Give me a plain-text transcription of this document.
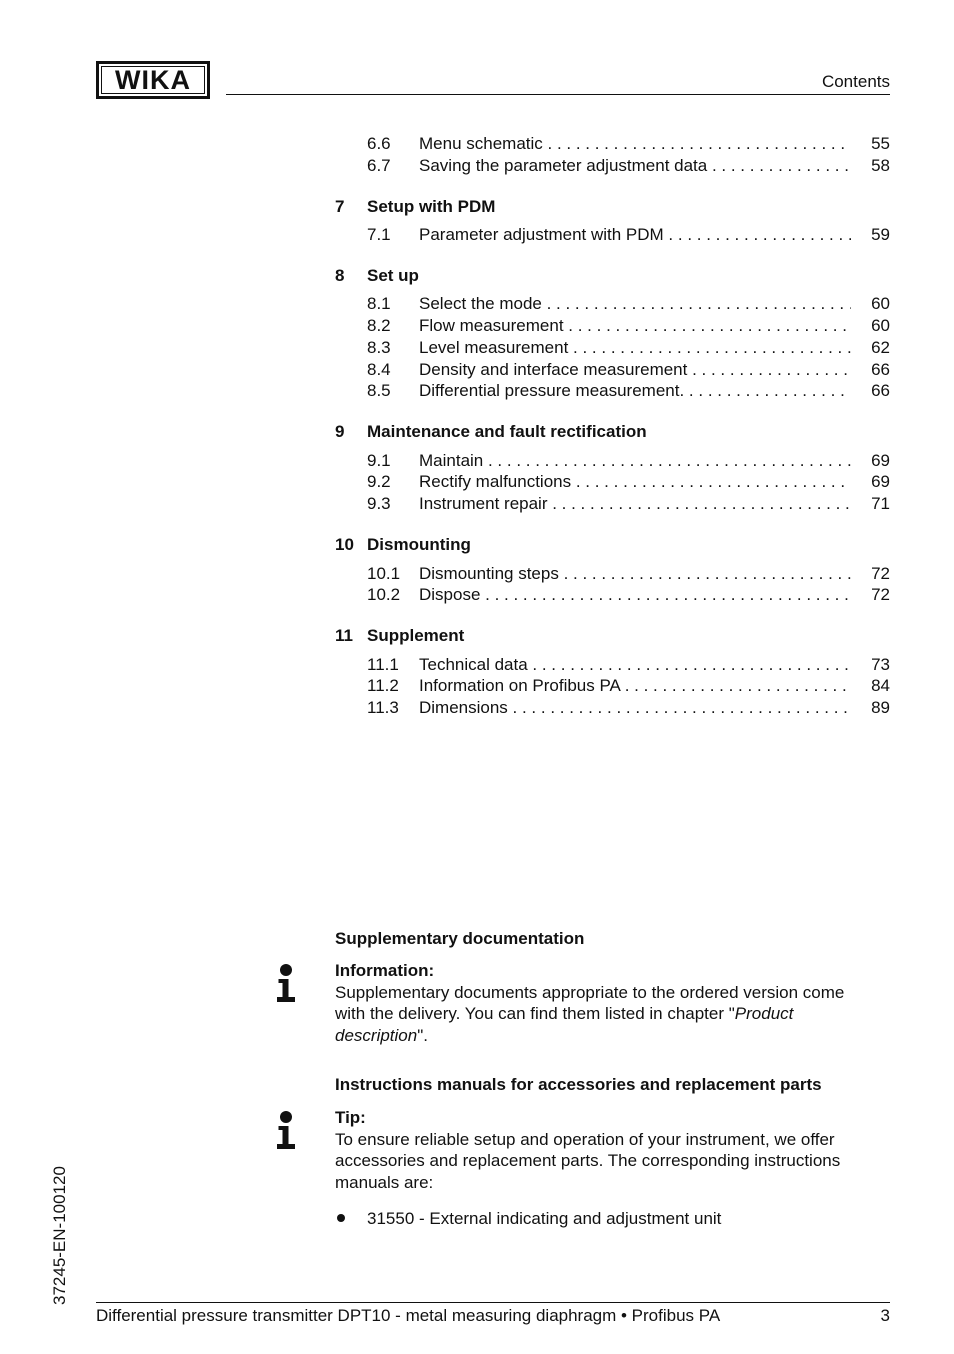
WIKA	Contents
6.6 Menu schematic . . .	55
6.7 Saving the parameter adjustment data . . .	58
7 Setup with PDM
7.1 Parameter adjustment with PDM . . .	59
8 Set up
8.1 Select the mode . . .	60
8.2 Flow measurement . . .	60
8.3 Level measurement . . .	62
8.4 Density and interface measurement . . .	66
8.5 Differential pressure measurement. . . .	66
9 Maintenance and fault rectification
9.1 Maintain . . .	69
9.2 Rectify malfunctions . . .	69
9.3 Instrument repair . . .	71
10 Dismounting
10.1 Dismounting steps . . .	72
10.2 Dispose . . .	72
11 Supplement
11.1 Technical data . . .	73
11.2 Information on Profibus PA . . .	84
11.3 Dimensions . . .	89
Supplementary documentation
Information:
Supplementary documents appropriate to the ordered version come
with the delivery. You can find them listed in chapter "Product
description".
Instructions manuals for accessories and replacement parts
Tip:
To ensure reliable setup and operation of your instrument, we offer
accessories and replacement parts. The corresponding instructions
manuals are:
31550 - External indicating and adjustment unit
37245-EN-100120
Differential pressure transmitter DPT10 - metal measuring diaphragm • Profibus PA	3
